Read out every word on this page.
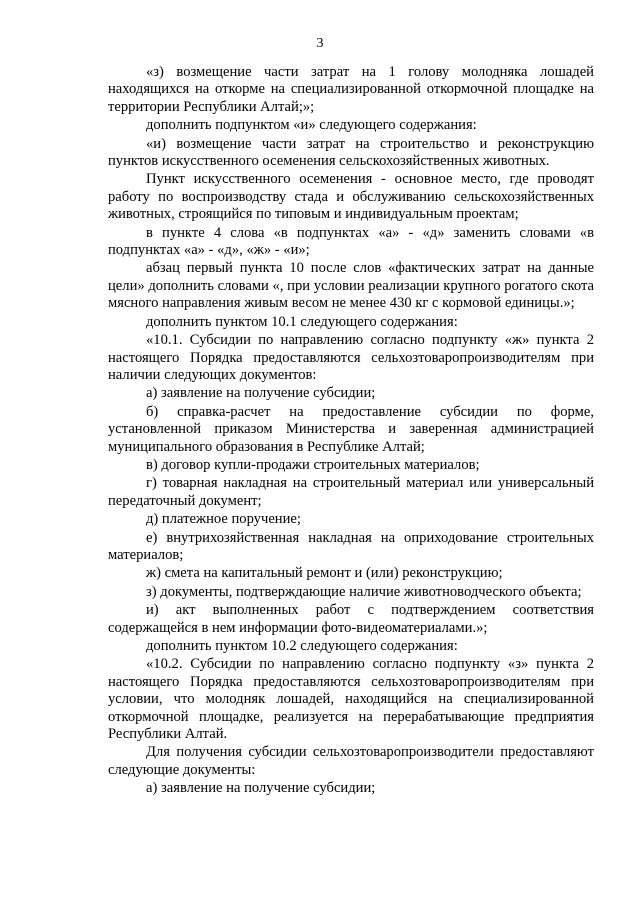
3

«з) возмещение части затрат на 1 голову молодняка лошадей находящихся на откорме на специализированной откормочной площадке на территории Республики Алтай;»;

дополнить подпунктом «и» следующего содержания:

«и) возмещение части затрат на строительство и реконструкцию пунктов искусственного осеменения сельскохозяйственных животных.

Пункт искусственного осеменения - основное место, где проводят работу по воспроизводству стада и обслуживанию сельскохозяйственных животных, строящийся по типовым и индивидуальным проектам;

в пункте 4 слова «в подпунктах «а» - «д» заменить словами «в подпунктах «а» - «д», «ж» - «и»;

абзац первый пункта 10 после слов «фактических затрат на данные цели» дополнить словами «, при условии реализации крупного рогатого скота мясного направления живым весом не менее 430 кг с кормовой единицы.»;

дополнить пунктом 10.1 следующего содержания:

«10.1. Субсидии по направлению согласно подпункту «ж» пункта 2 настоящего Порядка предоставляются сельхозтоваропроизводителям при наличии следующих документов:

а) заявление на получение субсидии;

б) справка-расчет на предоставление субсидии по форме, установленной приказом Министерства и заверенная администрацией муниципального образования в Республике Алтай;

в) договор купли-продажи строительных материалов;

г) товарная накладная на строительный материал или универсальный передаточный документ;

д) платежное поручение;

е) внутрихозяйственная накладная на оприходование строительных материалов;

ж) смета на капитальный ремонт и (или) реконструкцию;

з) документы, подтверждающие наличие животноводческого объекта;

и) акт выполненных работ с подтверждением соответствия содержащейся в нем информации фото-видеоматериалами.»;

дополнить пунктом 10.2 следующего содержания:

«10.2. Субсидии по направлению согласно подпункту «з» пункта 2 настоящего Порядка предоставляются сельхозтоваропроизводителям при условии, что молодняк лошадей, находящийся на специализированной откормочной площадке, реализуется на перерабатывающие предприятия Республики Алтай.

Для получения субсидии сельхозтоваропроизводители предоставляют следующие документы:

а) заявление на получение субсидии;
